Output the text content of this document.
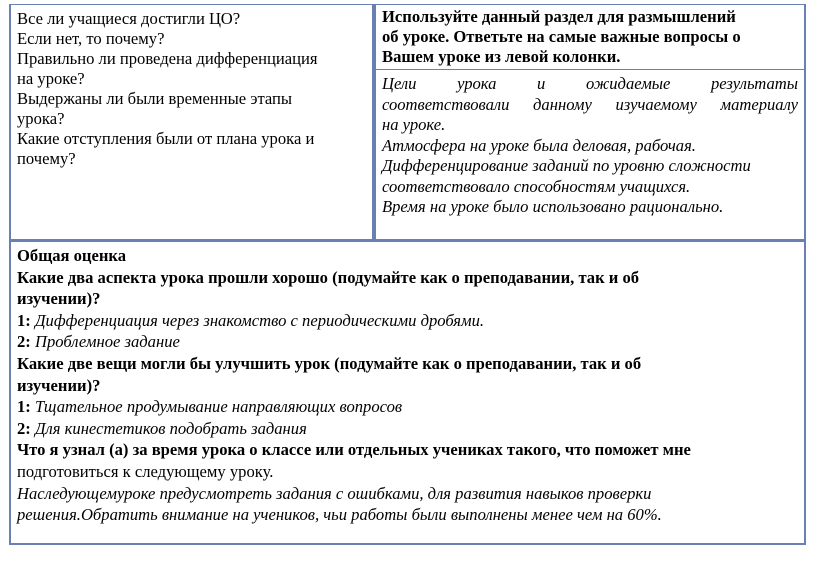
Все ли учащиеся достигли ЦО?

Если нет, то почему?

Правильно ли проведена дифференциация

на уроке?

Выдержаны ли были временные этапы

урока?

Какие отступления были от плана урока и

почему?

Используйте данный раздел для размышлений

об уроке. Ответьте на самые важные вопросы о

Вашем уроке из левой колонки.

Цели урока и ожидаемые результаты

соответствовали данному изучаемому материалу

на уроке.

Атмосфера на уроке была деловая, рабочая.

Дифференцирование заданий по уровню сложности

соответствовало способностям учащихся.

Время на уроке было использовано рационально.

Общая оценка

Какие два аспекта урока прошли хорошо (подумайте как о преподавании, так и об

изучении)?

1: Дифференциация через знакомство с периодическими дробями.

2: Проблемное задание

Какие две вещи могли бы улучшить урок (подумайте как о преподавании, так и об

изучении)?

1: Тщательное продумывание направляющих вопросов

2: Для кинестетиков подобрать задания

Что я узнал (а) за время урока о классе или отдельных учениках такого, что поможет мне

подготовиться к следующему уроку.

Наследующемуроке предусмотреть задания с ошибками, для развития навыков проверки

решения.Обратить внимание на учеников, чьи работы были выполнены менее чем на 60%.
